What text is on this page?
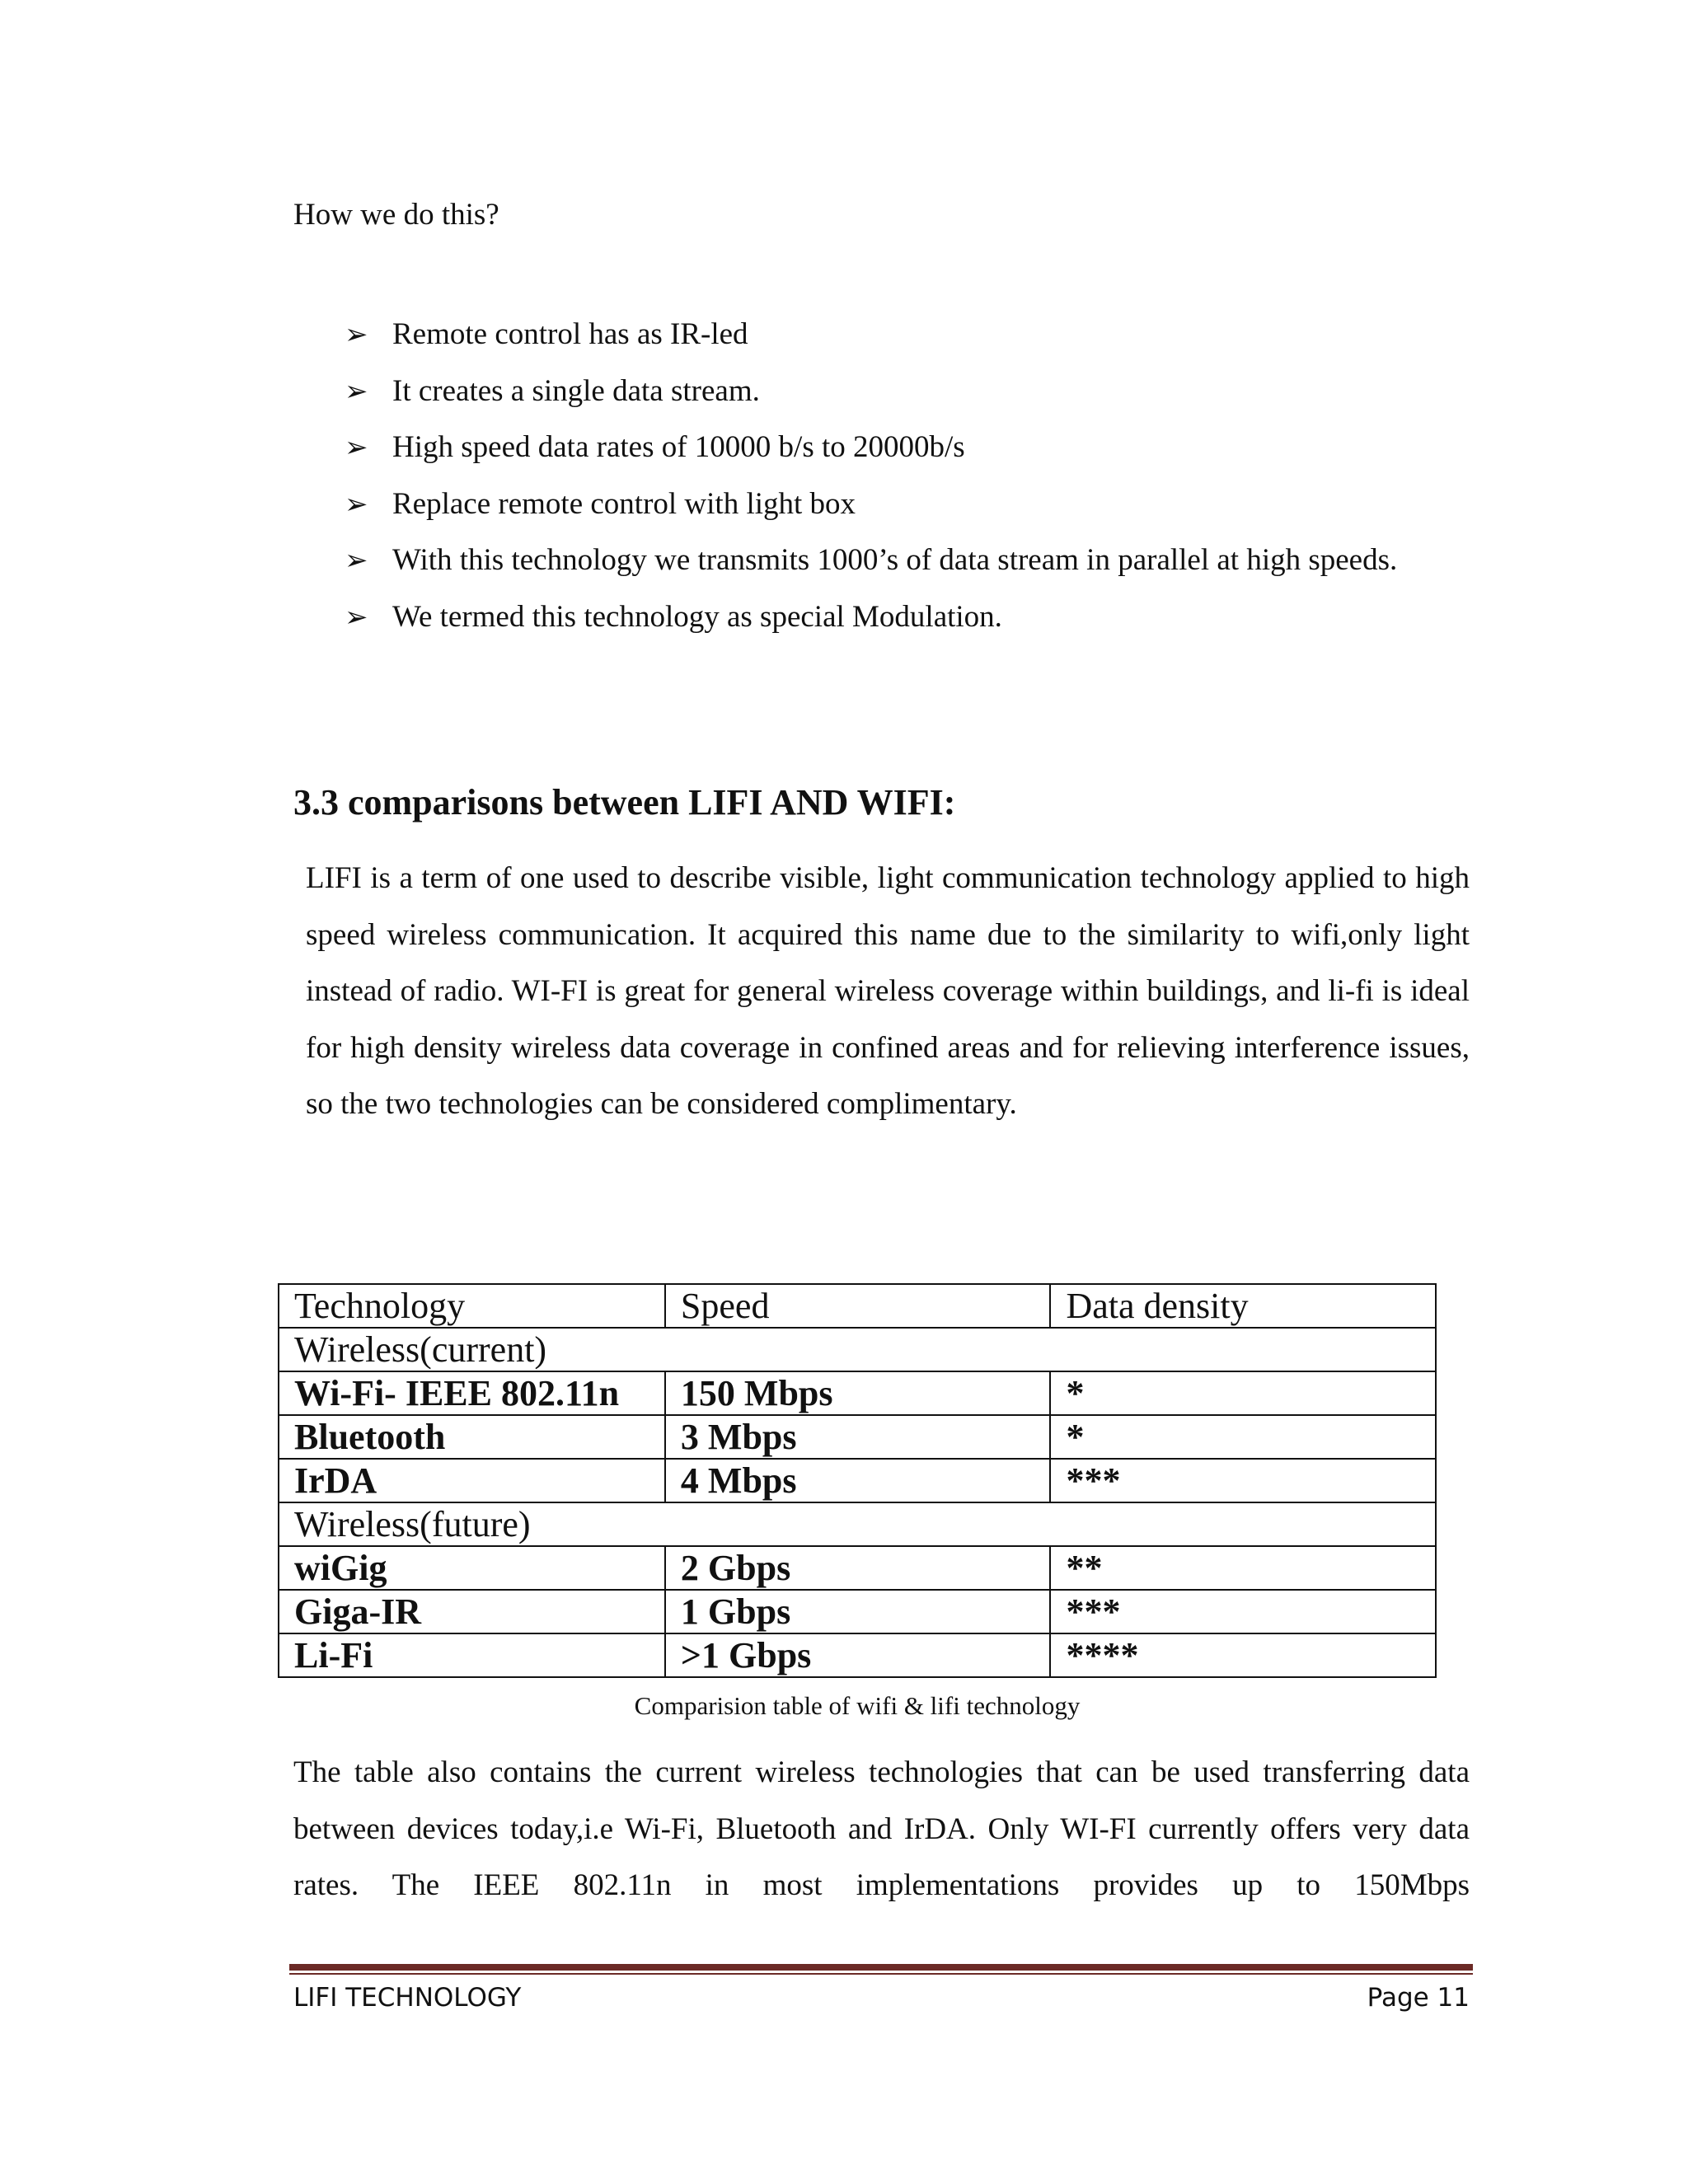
How we do this?

➢ Remote control has as IR-led
➢ It creates a single data stream.
➢ High speed data rates of 10000 b/s to 20000b/s
➢ Replace remote control with light box
➢ With this technology we transmits 1000’s of data stream in parallel at high speeds.
➢ We termed this technology as special Modulation.
3.3 comparisons between LIFI AND WIFI:

LIFI is a term of one used to describe visible, light communication technology applied to high speed wireless communication. It acquired this name due to the similarity to wifi,only light instead of radio. WI-FI is great for general wireless coverage within buildings, and li-fi is ideal for high density wireless data coverage in confined areas and for relieving interference issues, so the two technologies can be considered complimentary.

Technology	Speed	Data density
Wireless(current)		
Wi-Fi- IEEE 802.11n	150 Mbps	*
Bluetooth	3 Mbps	*
IrDA	4 Mbps	***
Wireless(future)		
wiGig	2 Gbps	**
Giga-IR	1 Gbps	***
Li-Fi	>1 Gbps	****

Comparision table of wifi & lifi technology

The table also contains the current wireless technologies that can be used transferring data between devices today,i.e Wi-Fi, Bluetooth and IrDA. Only WI-FI currently offers very data rates. The IEEE 802.11n in most implementations provides up to 150Mbps

LIFI TECHNOLOGY	Page 11
